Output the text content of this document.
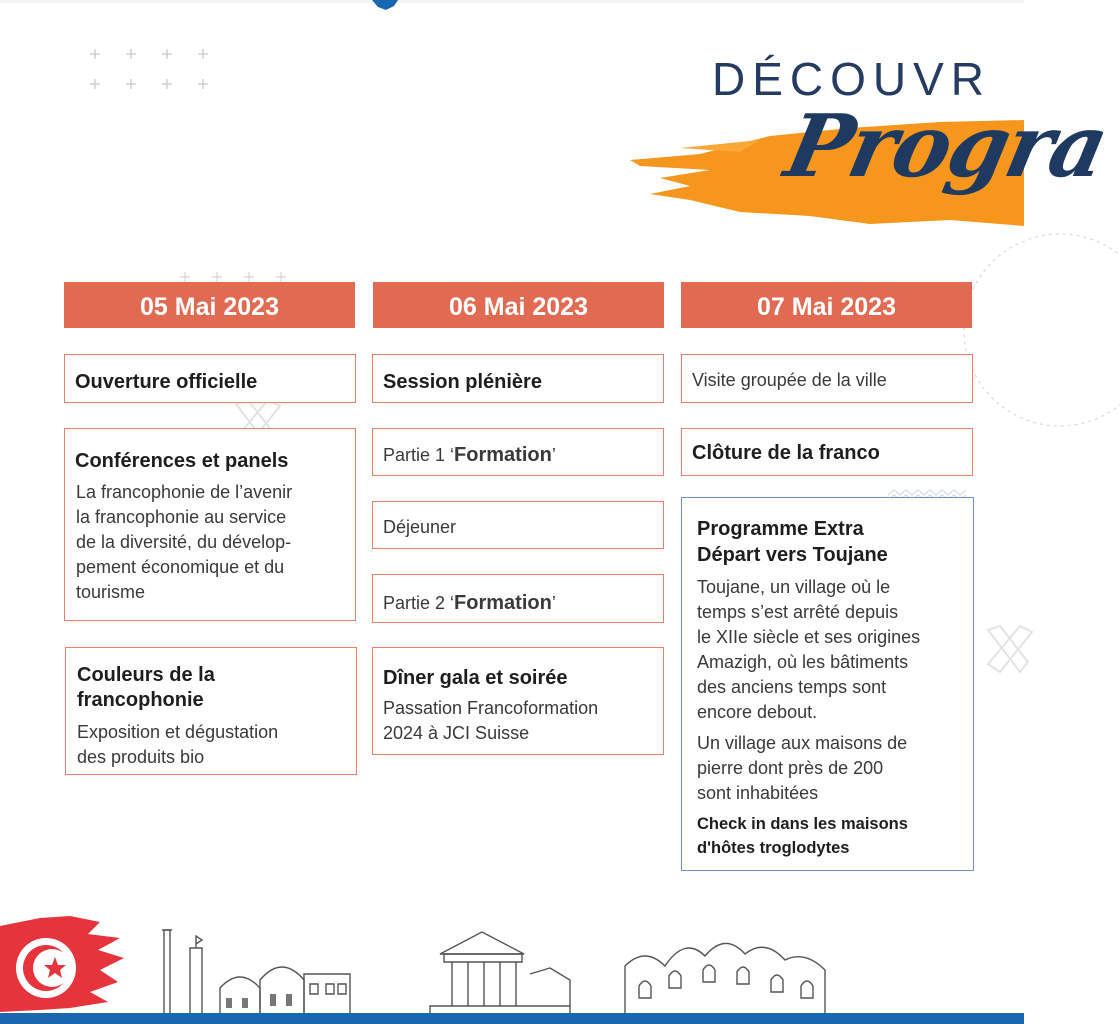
DÉCOUVR
Progra
05 Mai 2023
Ouverture officielle
Conférences et panels
La francophonie de l’avenir
la francophonie au service
de la diversité, du dévelop-
pement économique et du
tourisme
Couleurs de la
francophonie
Exposition et dégustation
des produits bio
06 Mai 2023
Session plénière
Partie 1 ‘Formation’
Déjeuner
Partie 2 ‘Formation’
Dîner gala et soirée
Passation Francoformation
2024 à JCI Suisse
07 Mai 2023
Visite groupée de la ville
Clôture de la franco
Programme Extra
Départ vers Toujane
Toujane, un village où le
temps s’est arrêté depuis
le XIIe siècle et ses origines
Amazigh, où les bâtiments
des anciens temps sont
encore debout.
Un village aux maisons de
pierre dont près de 200
sont inhabitées
Check in dans les maisons
d'hôtes troglodytes
